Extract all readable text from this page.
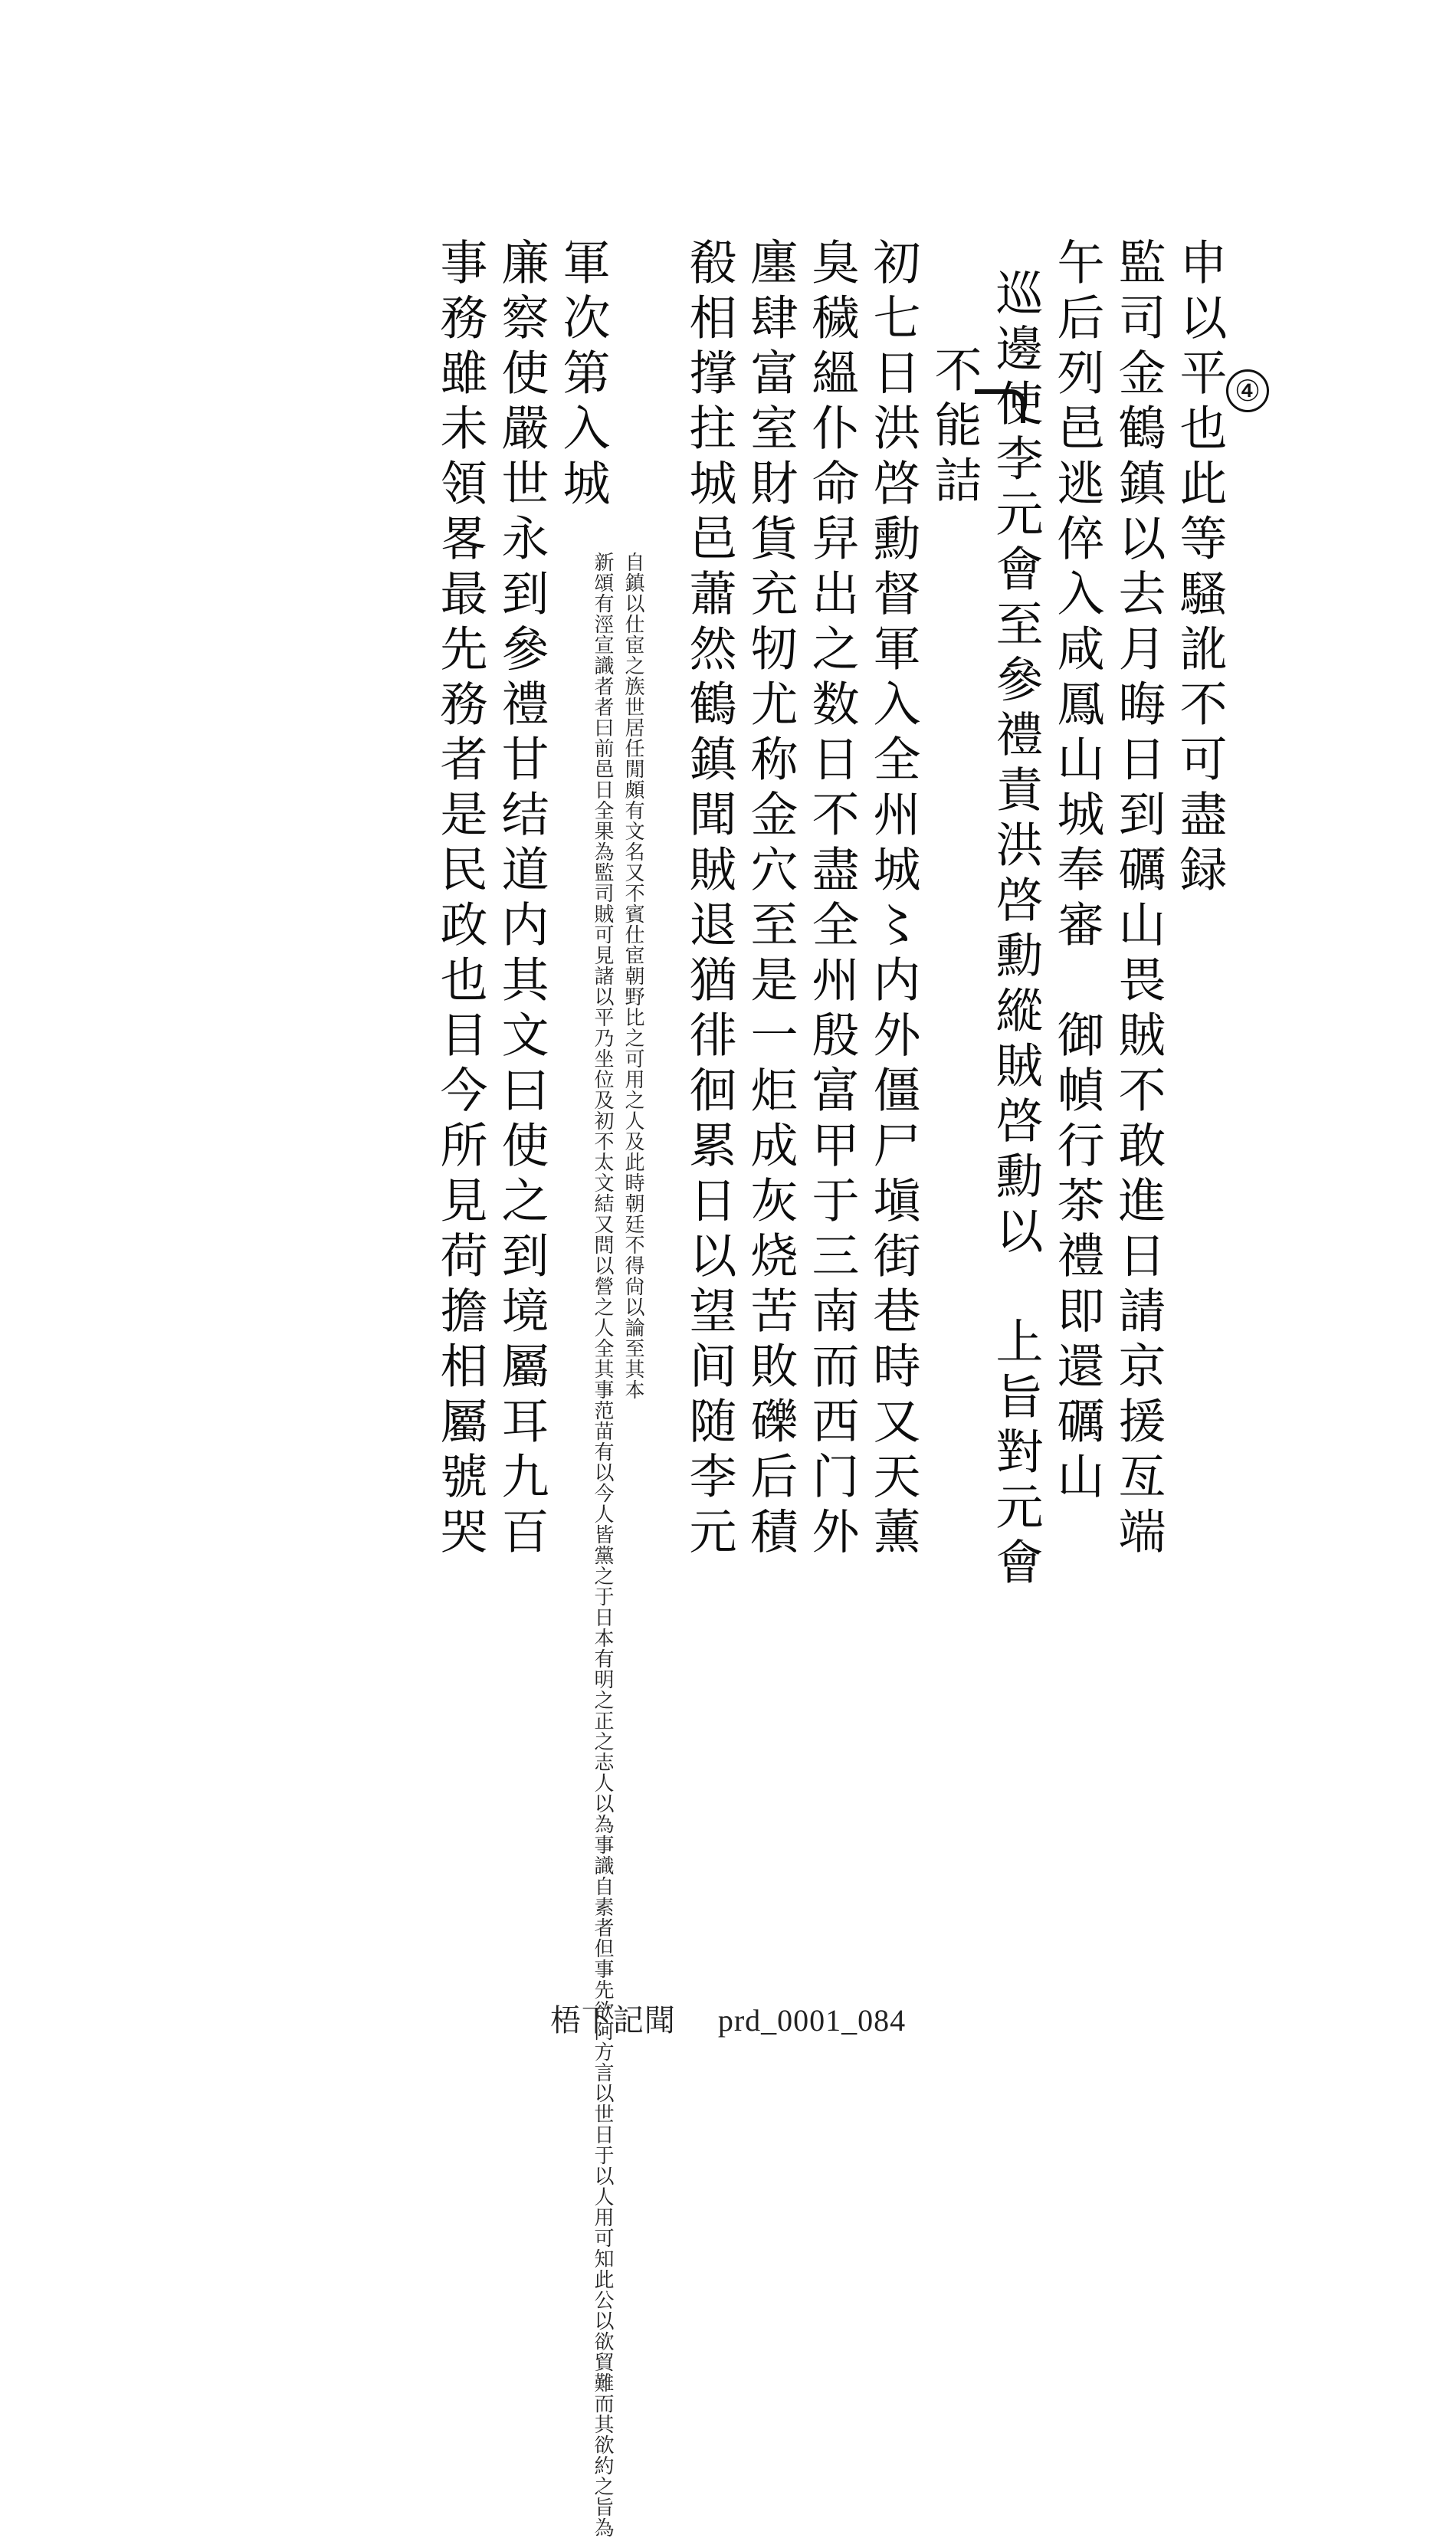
④
申以平也此等騷訛不可盡録
監司金鶴鎮以去月晦日到礪山畏賊不敢進日請京援亙端
午后列邑逃倅入咸鳳山城奉審　御幀行茶禮即還礪山
巡邊使李元會至參禮責洪啓勳縱賊啓勳以　上旨對元會
不能詰
初七日洪啓勳督軍入全州城〻内外僵尸塡街巷時又天薰
臭穢縕仆命舁出之数日不盡全州殷富甲于三南而西门外
廛肆富室財貨充牣尤称金穴至是一炬成灰烧苦敗礫后積
殽相撑拄城邑蕭然鶴鎮聞賊退猶徘徊累日以望间随李元
自鎮以仕宦之族世居任閒頗有文名又不賓仕宦朝野比之可用之人及此時朝廷不得尙以論至其本
新頌有涇宣識者者曰前邑日全果為監司賊可見諸以平乃坐位及初不太文結又問以營之人全其事范苗有以今人皆黨之于日本有明之正之志人以為事識自素者但事先欲阿方言以世日于以人用可知此公以欲貿難而其欲約之旨為
軍次第入城
廉察使嚴世永到參禮甘结道内其文曰使之到境屬耳九百
事務雖未領畧最先務者是民政也目今所見荷擔相屬號哭
梧下記聞 prd_0001_084
